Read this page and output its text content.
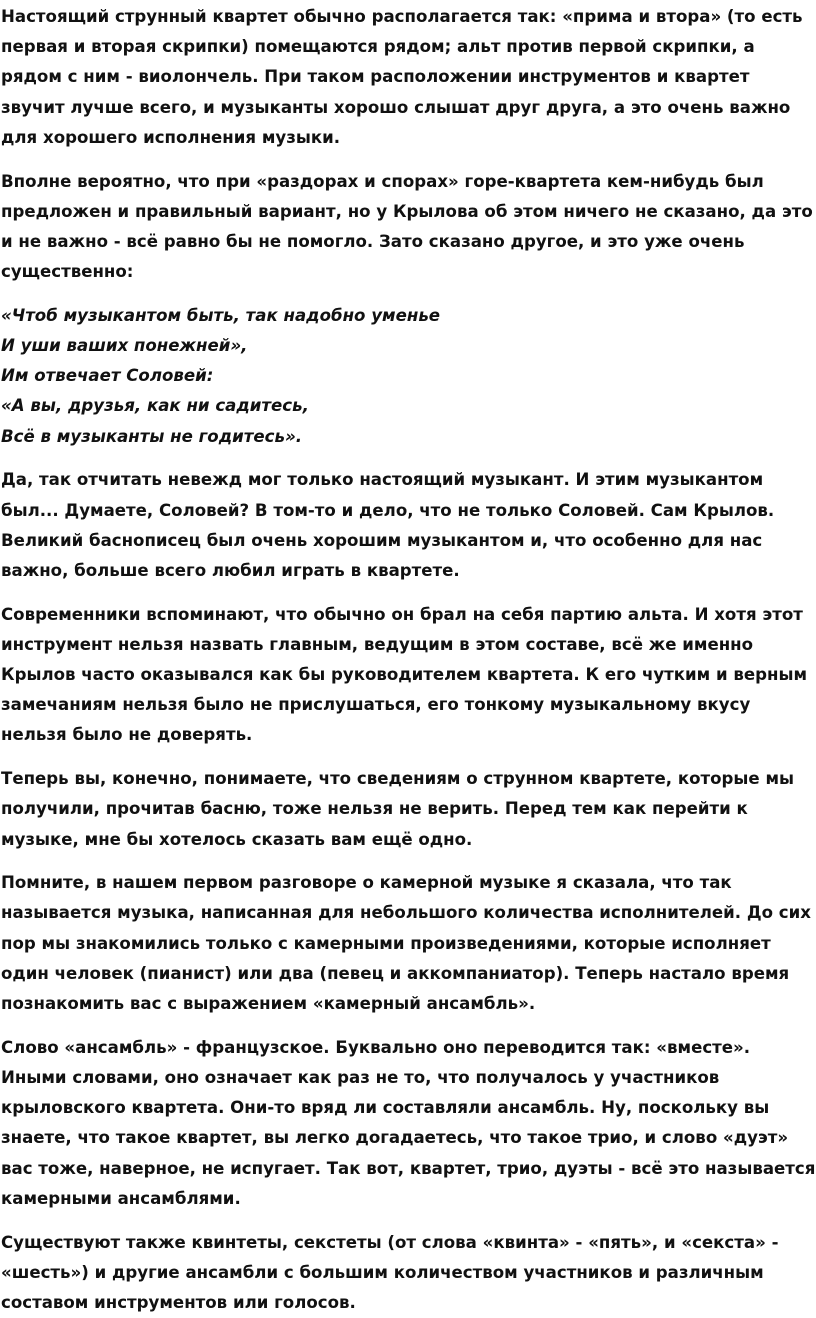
Настоящий струнный квартет обычно располагается так: «прима и втора» (то есть первая и вторая скрипки) помещаются рядом; альт против первой скрипки, а рядом с ним - виолончель. При таком расположении инструментов и квартет звучит лучше всего, и музыканты хорошо слышат друг друга, а это очень важно для хорошего исполнения музыки.

Вполне вероятно, что при «раздорах и спорах» горе-квартета кем-нибудь был предложен и правильный вариант, но у Крылова об этом ничего не сказано, да это и не важно - всё равно бы не помогло. Зато сказано другое, и это уже очень существенно:

«Чтоб музыкантом быть, так надобно уменье
И уши ваших понежней»,
Им отвечает Соловей:
«А вы, друзья, как ни садитесь,
Всё в музыканты не годитесь».

Да, так отчитать невежд мог только настоящий музыкант. И этим музыкантом был... Думаете, Соловей? В том-то и дело, что не только Соловей. Сам Крылов. Великий баснописец был очень хорошим музыкантом и, что особенно для нас важно, больше всего любил играть в квартете.

Современники вспоминают, что обычно он брал на себя партию альта. И хотя этот инструмент нельзя назвать главным, ведущим в этом составе, всё же именно Крылов часто оказывался как бы руководителем квартета. К его чутким и верным замечаниям нельзя было не прислушаться, его тонкому музыкальному вкусу нельзя было не доверять.

Теперь вы, конечно, понимаете, что сведениям о струнном квартете, которые мы получили, прочитав басню, тоже нельзя не верить. Перед тем как перейти к музыке, мне бы хотелось сказать вам ещё одно.

Помните, в нашем первом разговоре о камерной музыке я сказала, что так называется музыка, написанная для небольшого количества исполнителей. До сих пор мы знакомились только с камерными произведениями, которые исполняет один человек (пианист) или два (певец и аккомпаниатор). Теперь настало время познакомить вас с выражением «камерный ансамбль».

Слово «ансамбль» - французское. Буквально оно переводится так: «вместе». Иными словами, оно означает как раз не то, что получалось у участников крыловского квартета. Они-то вряд ли составляли ансамбль. Ну, поскольку вы знаете, что такое квартет, вы легко догадаетесь, что такое трио, и слово «дуэт» вас тоже, наверное, не испугает. Так вот, квартет, трио, дуэты - всё это называется камерными ансамблями.

Существуют также квинтеты, секстеты (от слова «квинта» - «пять», и «секста» - «шесть») и другие ансамбли с большим количеством участников и различным составом инструментов или голосов.
